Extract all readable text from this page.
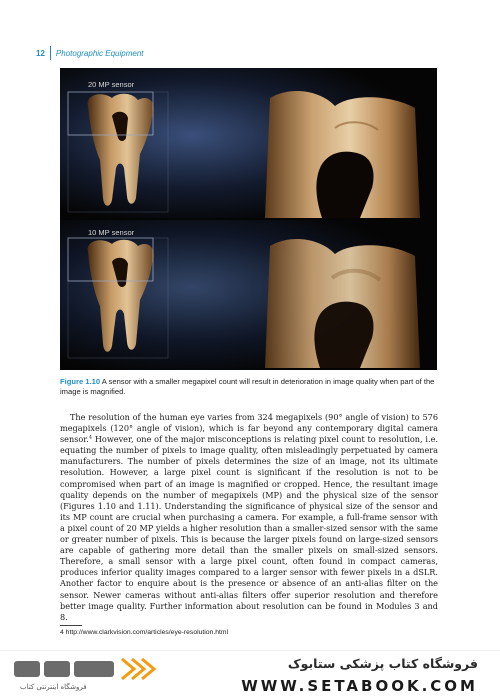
12 Photographic Equipment
20 MP sensor
10 MP sensor

Figure 1.10 A sensor with a smaller megapixel count will result in deterioration in image quality when part of the image is magnified.

The resolution of the human eye varies from 324 megapixels (90° angle of vision) to 576 megapixels (120° angle of vision), which is far beyond any contemporary digital camera sensor.$^4$ However, one of the major misconceptions is relating pixel count to resolution, i.e. equating the number of pixels to image quality, often misleadingly perpetuated by camera manufacturers. The number of pixels determines the size of an image, not its ultimate resolution. However, a large pixel count is significant if the resolution is not to be compromised when part of an image is magnified or cropped. Hence, the resultant image quality depends on the number of megapixels (MP) and the physical size of the sensor (Figures 1.10 and 1.11). Understanding the significance of physical size of the sensor and its MP count are crucial when purchasing a camera. For example, a full-frame sensor with a pixel count of 20 MP yields a higher resolution than a smaller-sized sensor with the same or greater number of pixels. This is because the larger pixels found on large-sized sensors are capable of gathering more detail than the smaller pixels on small-sized sensors. Therefore, a small sensor with a large pixel count, often found in compact cameras, produces inferior quality images compared to a larger sensor with fewer pixels in a dSLR. Another factor to enquire about is the presence or absence of an anti-alias filter on the sensor. Newer cameras without anti-alias filters offer superior resolution and therefore better image quality. Further information about resolution can be found in Modules 3 and 8.

4 http://www.clarkvision.com/articles/eye-resolution.html
فروشگاه اینترنتی کتاب
فروشگاه کتاب پزشکی ستابوک
WWW.SETABOOK.COM
